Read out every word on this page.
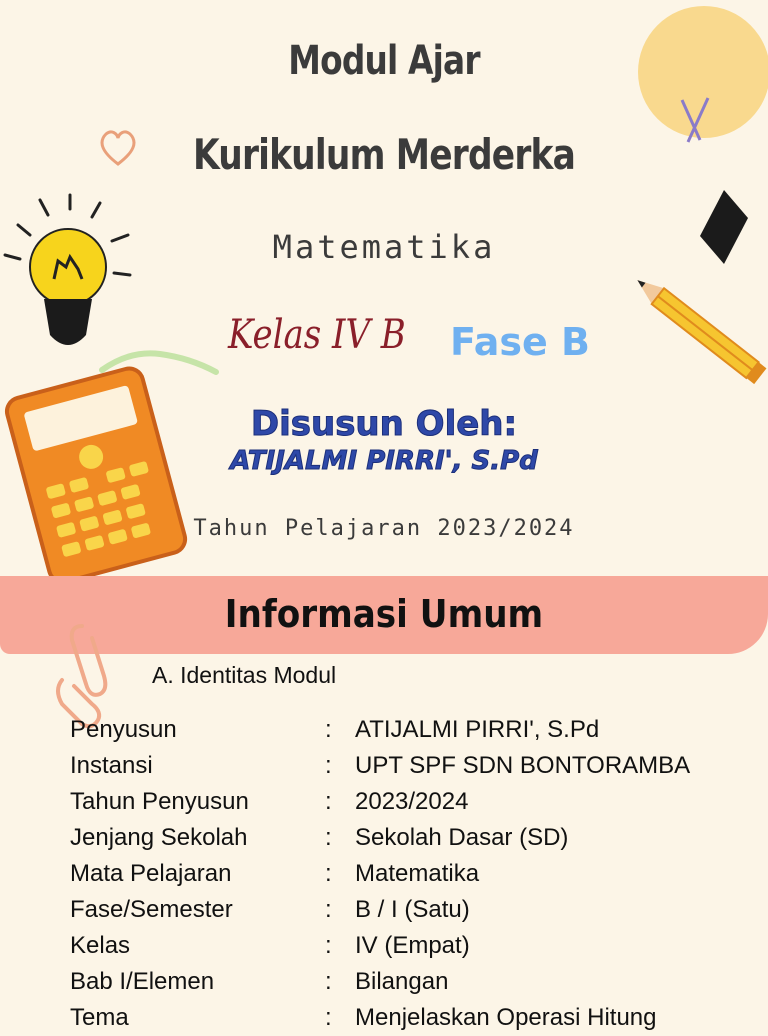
Modul Ajar
Kurikulum Merderka
Matematika
Kelas IV B Fase B
Disusun Oleh:
ATIJALMI PIRRI', S.Pd
Tahun Pelajaran 2023/2024
Informasi Umum
A. Identitas Modul
Penyusun	: ATIJALMI PIRRI', S.Pd
Instansi	: UPT SPF SDN BONTORAMBA
Tahun Penyusun	: 2023/2024
Jenjang Sekolah	: Sekolah Dasar (SD)
Mata Pelajaran	: Matematika
Fase/Semester	: B / I (Satu)
Kelas	: IV (Empat)
Bab I/Elemen	: Bilangan
Tema	: Menjelaskan Operasi Hitung
